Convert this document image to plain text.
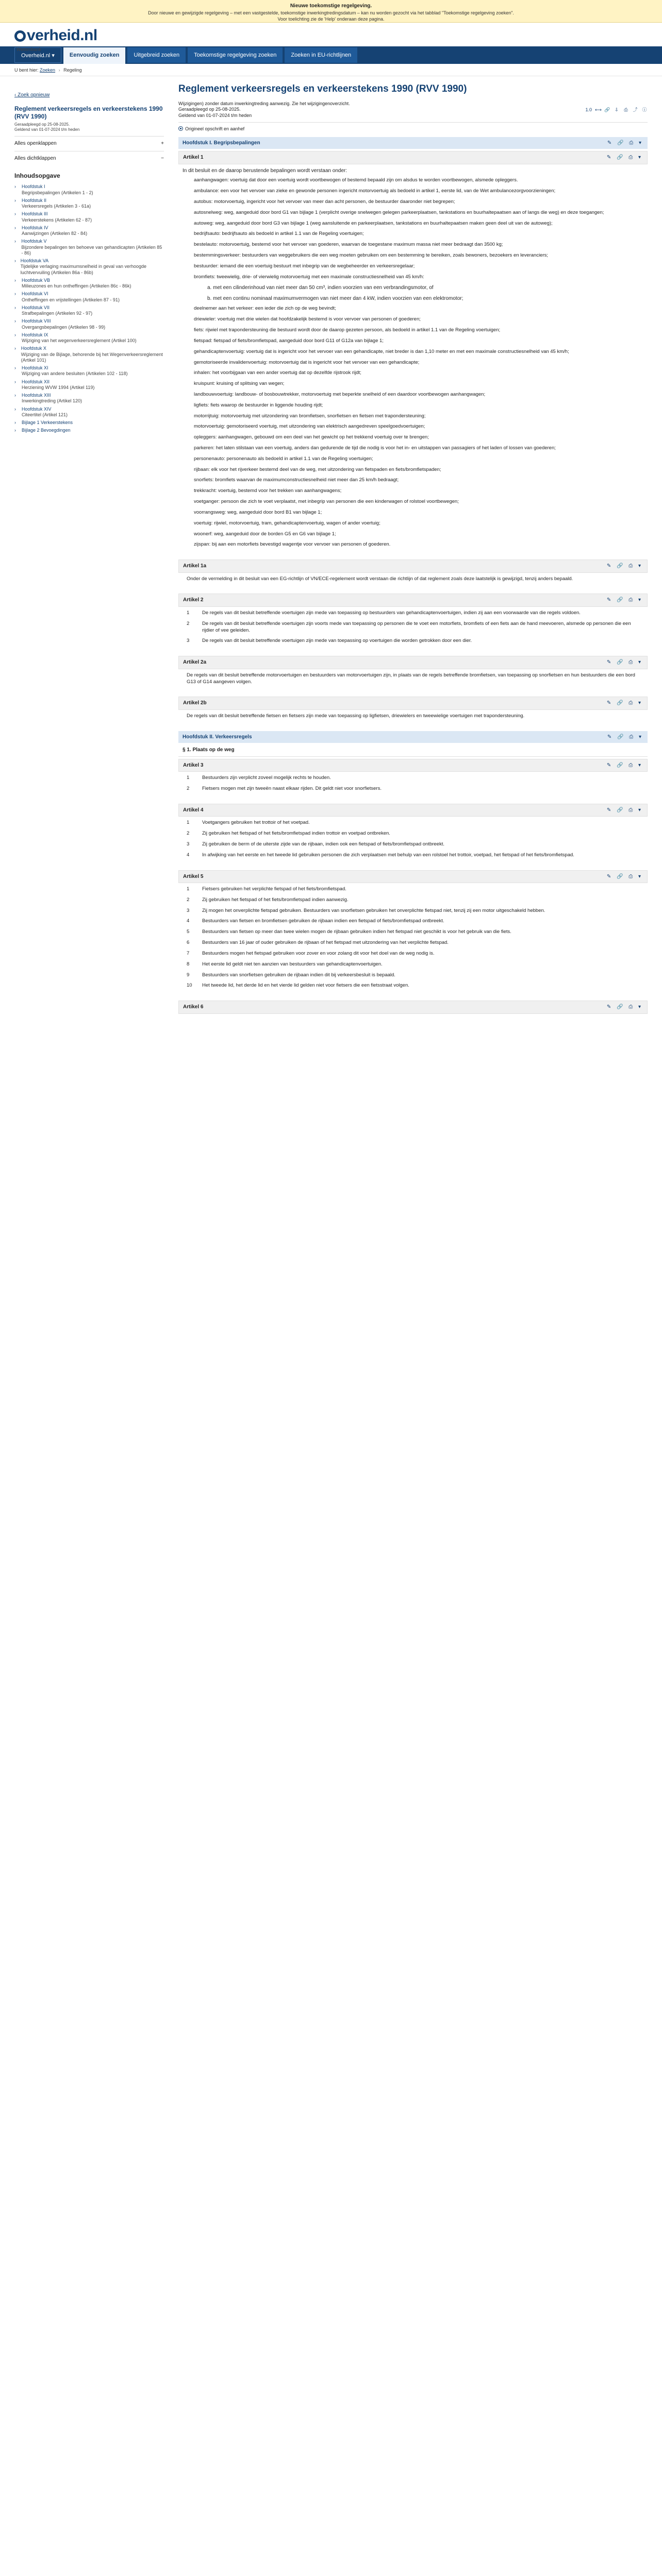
Nieuwe toekomstige regelgeving.
Door nieuwe en gewijzigde regelgeving – met een vastgestelde, toekomstige inwerkingtredingsdatum – kan nu worden gezocht via het tabblad "Toekomstige regelgeving zoeken".
Voor toelichting zie de 'Help' onderaan deze pagina.
verheid.nl
Wettenbank
Overheid.nl ▾	Eenvoudig zoeken	Uitgebreid zoeken	Toekomstige regelgeving zoeken	Zoeken in EU-richtlijnen
U bent hier: Zoeken › Regeling
‹ Zoek opnieuw
Reglement verkeersregels en verkeerstekens 1990 (RVV 1990)
Geraadpleegd op 25-08-2025.
Geldend van 01-07-2024 t/m heden
Alles openklappen	+
Alles dichtklappen	−
Inhoudsopgave
›	Hoofdstuk I
Begripsbepalingen (Artikelen 1 - 2)
›	Hoofdstuk II
Verkeersregels (Artikelen 3 - 61a)
›	Hoofdstuk III
Verkeerstekens (Artikelen 62 - 87)
›	Hoofdstuk IV
Aanwijzingen (Artikelen 82 - 84)
›	Hoofdstuk V
Bijzondere bepalingen ten behoeve van gehandicapten (Artikelen 85 - 86)
› Hoofdstuk VA
Tijdelijke verlaging maximumsnelheid in geval van verhoogde luchtvervuiling (Artikelen 86a - 86b)
›	Hoofdstuk VB
Milieuzones en hun ontheffingen (Artikelen 86c - 86k)
›	Hoofdstuk VI
Ontheffingen en vrijstellingen (Artikelen 87 - 91)
›	Hoofdstuk VII
Strafbepalingen (Artikelen 92 - 97)
›	Hoofdstuk VIII
Overgangsbepalingen (Artikelen 98 - 99)
›	Hoofdstuk IX
Wijziging van het wegenverkeersreglement (Artikel 100)
›	Hoofdstuk X
Wijziging van de Bijlage, behorende bij het Wegenverkeersreglement (Artikel 101)
›	Hoofdstuk XI
Wijziging van andere besluiten (Artikelen 102 - 118)
›	Hoofdstuk XII
Herziening WVW 1994 (Artikel 119)
›	Hoofdstuk XIII
Inwerkingtreding (Artikel 120)
›	Hoofdstuk XIV
Citeertitel (Artikel 121)
›	Bijlage 1 Verkeerstekens
›	Bijlage 2 Bevoegdingen
Reglement verkeersregels en verkeerstekens 1990 (RVV 1990)
Wijzigingen) zonder datum inwerkingtreding aanwezig. Zie het wijzigingenoverzicht.
Geraadpleegd op 25-08-2025.
Geldend van 01-07-2024 t/m heden
1.0 ⟷ 🔗 ⇩ ⎙ ⤴ ⓘ
Origineel opschrift en aanhef
Hoofdstuk I. Begripsbepalingen	✎ 🔗 ⎙ ▾
Artikel 1	✎ 🔗 ⎙ ▾

In dit besluit en de daarop berustende bepalingen wordt verstaan onder:

aanhangwagen: voertuig dat door een voertuig wordt voortbewogen of bestemd bepaald zijn om alsdus te worden voortbewogen, alsmede opleggers.

ambulance: een voor het vervoer van zieke en gewonde personen ingericht motorvoertuig als bedoeld in artikel 1, eerste lid, van de Wet ambulancezorgvoorzieningen;

autobus: motorvoertuig, ingericht voor het vervoer van meer dan acht personen, de bestuurder daaronder niet begrepen;

autosnelweg: weg, aangeduid door bord G1 van bijlage 1 (verplicht overige snelwegen gelegen parkeerplaatsen, tankstations en buurhaltepaatsen aan of langs die weg) en deze toegangen;

autoweg: weg, aangeduid door bord G3 van bijlage 1 (weg aansluitende en parkeerplaatsen, tankstations en buurhaltepaatsen maken geen deel uit van de autoweg);

bedrijfsauto: bedrijfsauto als bedoeld in artikel 1.1 van de Regeling voertuigen;

bestelauto: motorvoertuig, bestemd voor het vervoer van goederen, waarvan de toegestane maximum massa niet meer bedraagt dan 3500 kg;

bestemmingsverkeer: bestuurders van weggebruikers die een weg moeten gebruiken om een bestemming te bereiken, zoals bewoners, bezoekers en leveranciers;

bestuurder: iemand die een voertuig bestuurt met inbegrip van de wegbeheerder en verkeersregelaar;

bromfiets: tweewielig, drie- of vierwielig motorvoertuig met een maximale constructiesnelheid van 45 km/h:

a. met een cilinderinhoud van niet meer dan 50 cm³, indien voorzien van een verbrandingsmotor, of

b. met een continu nominaal maximumvermogen van niet meer dan 4 kW, indien voorzien van een elektromotor;

deelnemer aan het verkeer: een ieder die zich op de weg bevindt;

driewieler: voertuig met drie wielen dat hoofdzakelijk bestemd is voor vervoer van personen of goederen;

fiets: rijwiel met trapondersteuning die bestuurd wordt door de daarop gezeten persoon, als bedoeld in artikel 1.1 van de Regeling voertuigen;

fietspad: fietspad of fiets/bromfietspad, aangeduid door bord G11 of G12a van bijlage 1;

gehandicaptenvoertuig: voertuig dat is ingericht voor het vervoer van een gehandicapte, niet breder is dan 1,10 meter en met een maximale constructiesnelheid van 45 km/h;

gemotoriseerde invalidenvoertuig: motorvoertuig dat is ingericht voor het vervoer van een gehandicapte;

inhalen: het voorbijgaan van een ander voertuig dat op dezelfde rijstrook rijdt;

kruispunt: kruising of splitsing van wegen;

landbouwvoertuig: landbouw- of bosbouwtrekker, motorvoertuig met beperkte snelheid of een daardoor voortbewogen aanhangwagen;

ligfiets: fiets waarop de bestuurder in liggende houding rijdt;

motorrijtuig: motorvoertuig met uitzondering van bromfietsen, snorfietsen en fietsen met trapondersteuning;

motorvoertuig: gemotoriseerd voertuig, met uitzondering van elektrisch aangedreven speelgoedvoertuigen;

opleggers: aanhangwagen, gebouwd om een deel van het gewicht op het trekkend voertuig over te brengen;

parkeren: het laten stilstaan van een voertuig, anders dan gedurende de tijd die nodig is voor het in- en uitstappen van passagiers of het laden of lossen van goederen;

personenauto: personenauto als bedoeld in artikel 1.1 van de Regeling voertuigen;

rijbaan: elk voor het rijverkeer bestemd deel van de weg, met uitzondering van fietspaden en fiets/bromfietspaden;

snorfiets: bromfiets waarvan de maximumconstructiesnelheid niet meer dan 25 km/h bedraagt;

trekkracht: voertuig, bestemd voor het trekken van aanhangwagens;

voetganger: persoon die zich te voet verplaatst, met inbegrip van personen die een kinderwagen of rolstoel voortbewegen;

voorrangsweg: weg, aangeduid door bord B1 van bijlage 1;

voertuig: rijwiel, motorvoertuig, tram, gehandicaptenvoertuig, wagen of ander voertuig;

woonerf: weg, aangeduid door de borden G5 en G6 van bijlage 1;

zijspan: bij aan een motorfiets bevestigd wagentje voor vervoer van personen of goederen.

Artikel 1a	✎ 🔗 ⎙ ▾

Onder de vermelding in dit besluit van een EG-richtlijn of VN/ECE-regelement wordt verstaan die richtlijn of dat reglement zoals deze laatstelijk is gewijzigd, tenzij anders bepaald.

Artikel 2	✎ 🔗 ⎙ ▾
1	De regels van dit besluit betreffende voertuigen zijn mede van toepassing op bestuurders van gehandicaptenvoertuigen, indien zij aan een voorwaarde van die regels voldoen.
2	De regels van dit besluit betreffende voertuigen zijn voorts mede van toepassing op personen die te voet een motorfiets, bromfiets of een fiets aan de hand meevoeren, alsmede op personen die een rijdier of vee geleiden.
3	De regels van dit besluit betreffende voertuigen zijn mede van toepassing op voertuigen die worden getrokken door een dier.
Artikel 2a	✎ 🔗 ⎙ ▾

De regels van dit besluit betreffende motorvoertuigen en bestuurders van motorvoertuigen zijn, in plaats van de regels betreffende bromfietsen, van toepassing op snorfietsen en hun bestuurders die een bord G13 of G14 aangeven volgen.

Artikel 2b	✎ 🔗 ⎙ ▾

De regels van dit besluit betreffende fietsen en fietsers zijn mede van toepassing op ligfietsen, driewielers en tweewielige voertuigen met trapondersteuning.

Hoofdstuk II. Verkeersregels	✎ 🔗 ⎙ ▾
§ 1. Plaats op de weg
Artikel 3	✎ 🔗 ⎙ ▾
1	Bestuurders zijn verplicht zoveel mogelijk rechts te houden.
2	Fietsers mogen met zijn tweeën naast elkaar rijden. Dit geldt niet voor snorfietsers.
Artikel 4	✎ 🔗 ⎙ ▾
1	Voetgangers gebruiken het trottoir of het voetpad.
2	Zij gebruiken het fietspad of het fiets/bromfietspad indien trottoir en voetpad ontbreken.
3	Zij gebruiken de berm of de uiterste zijde van de rijbaan, indien ook een fietspad of fiets/bromfietspad ontbreekt.
4	In afwijking van het eerste en het tweede lid gebruiken personen die zich verplaatsen met behulp van een rolstoel het trottoir, voetpad, het fietspad of het fiets/bromfietspad.
Artikel 5	✎ 🔗 ⎙ ▾
1	Fietsers gebruiken het verplichte fietspad of het fiets/bromfietspad.
2	Zij gebruiken het fietspad of het fiets/bromfietspad indien aanwezig.
3	Zij mogen het onverplichte fietspad gebruiken. Bestuurders van snorfietsen gebruiken het onverplichte fietspad niet, tenzij zij een motor uitgeschakeld hebben.
4	Bestuurders van fietsen en bromfietsen gebruiken de rijbaan indien een fietspad of fiets/bromfietspad ontbreekt.
5	Bestuurders van fietsen op meer dan twee wielen mogen de rijbaan gebruiken indien het fietspad niet geschikt is voor het gebruik van die fiets.
6	Bestuurders van 16 jaar of ouder gebruiken de rijbaan of het fietspad met uitzondering van het verplichte fietspad.
7	Bestuurders mogen het fietspad gebruiken voor zover en voor zolang dit voor het doel van de weg nodig is.
8	Het eerste lid geldt niet ten aanzien van bestuurders van gehandicaptenvoertuigen.
9	Bestuurders van snorfietsen gebruiken de rijbaan indien dit bij verkeersbesluit is bepaald.
10	Het tweede lid, het derde lid en het vierde lid gelden niet voor fietsers die een fietsstraat volgen.
Artikel 6	✎ 🔗 ⎙ ▾
